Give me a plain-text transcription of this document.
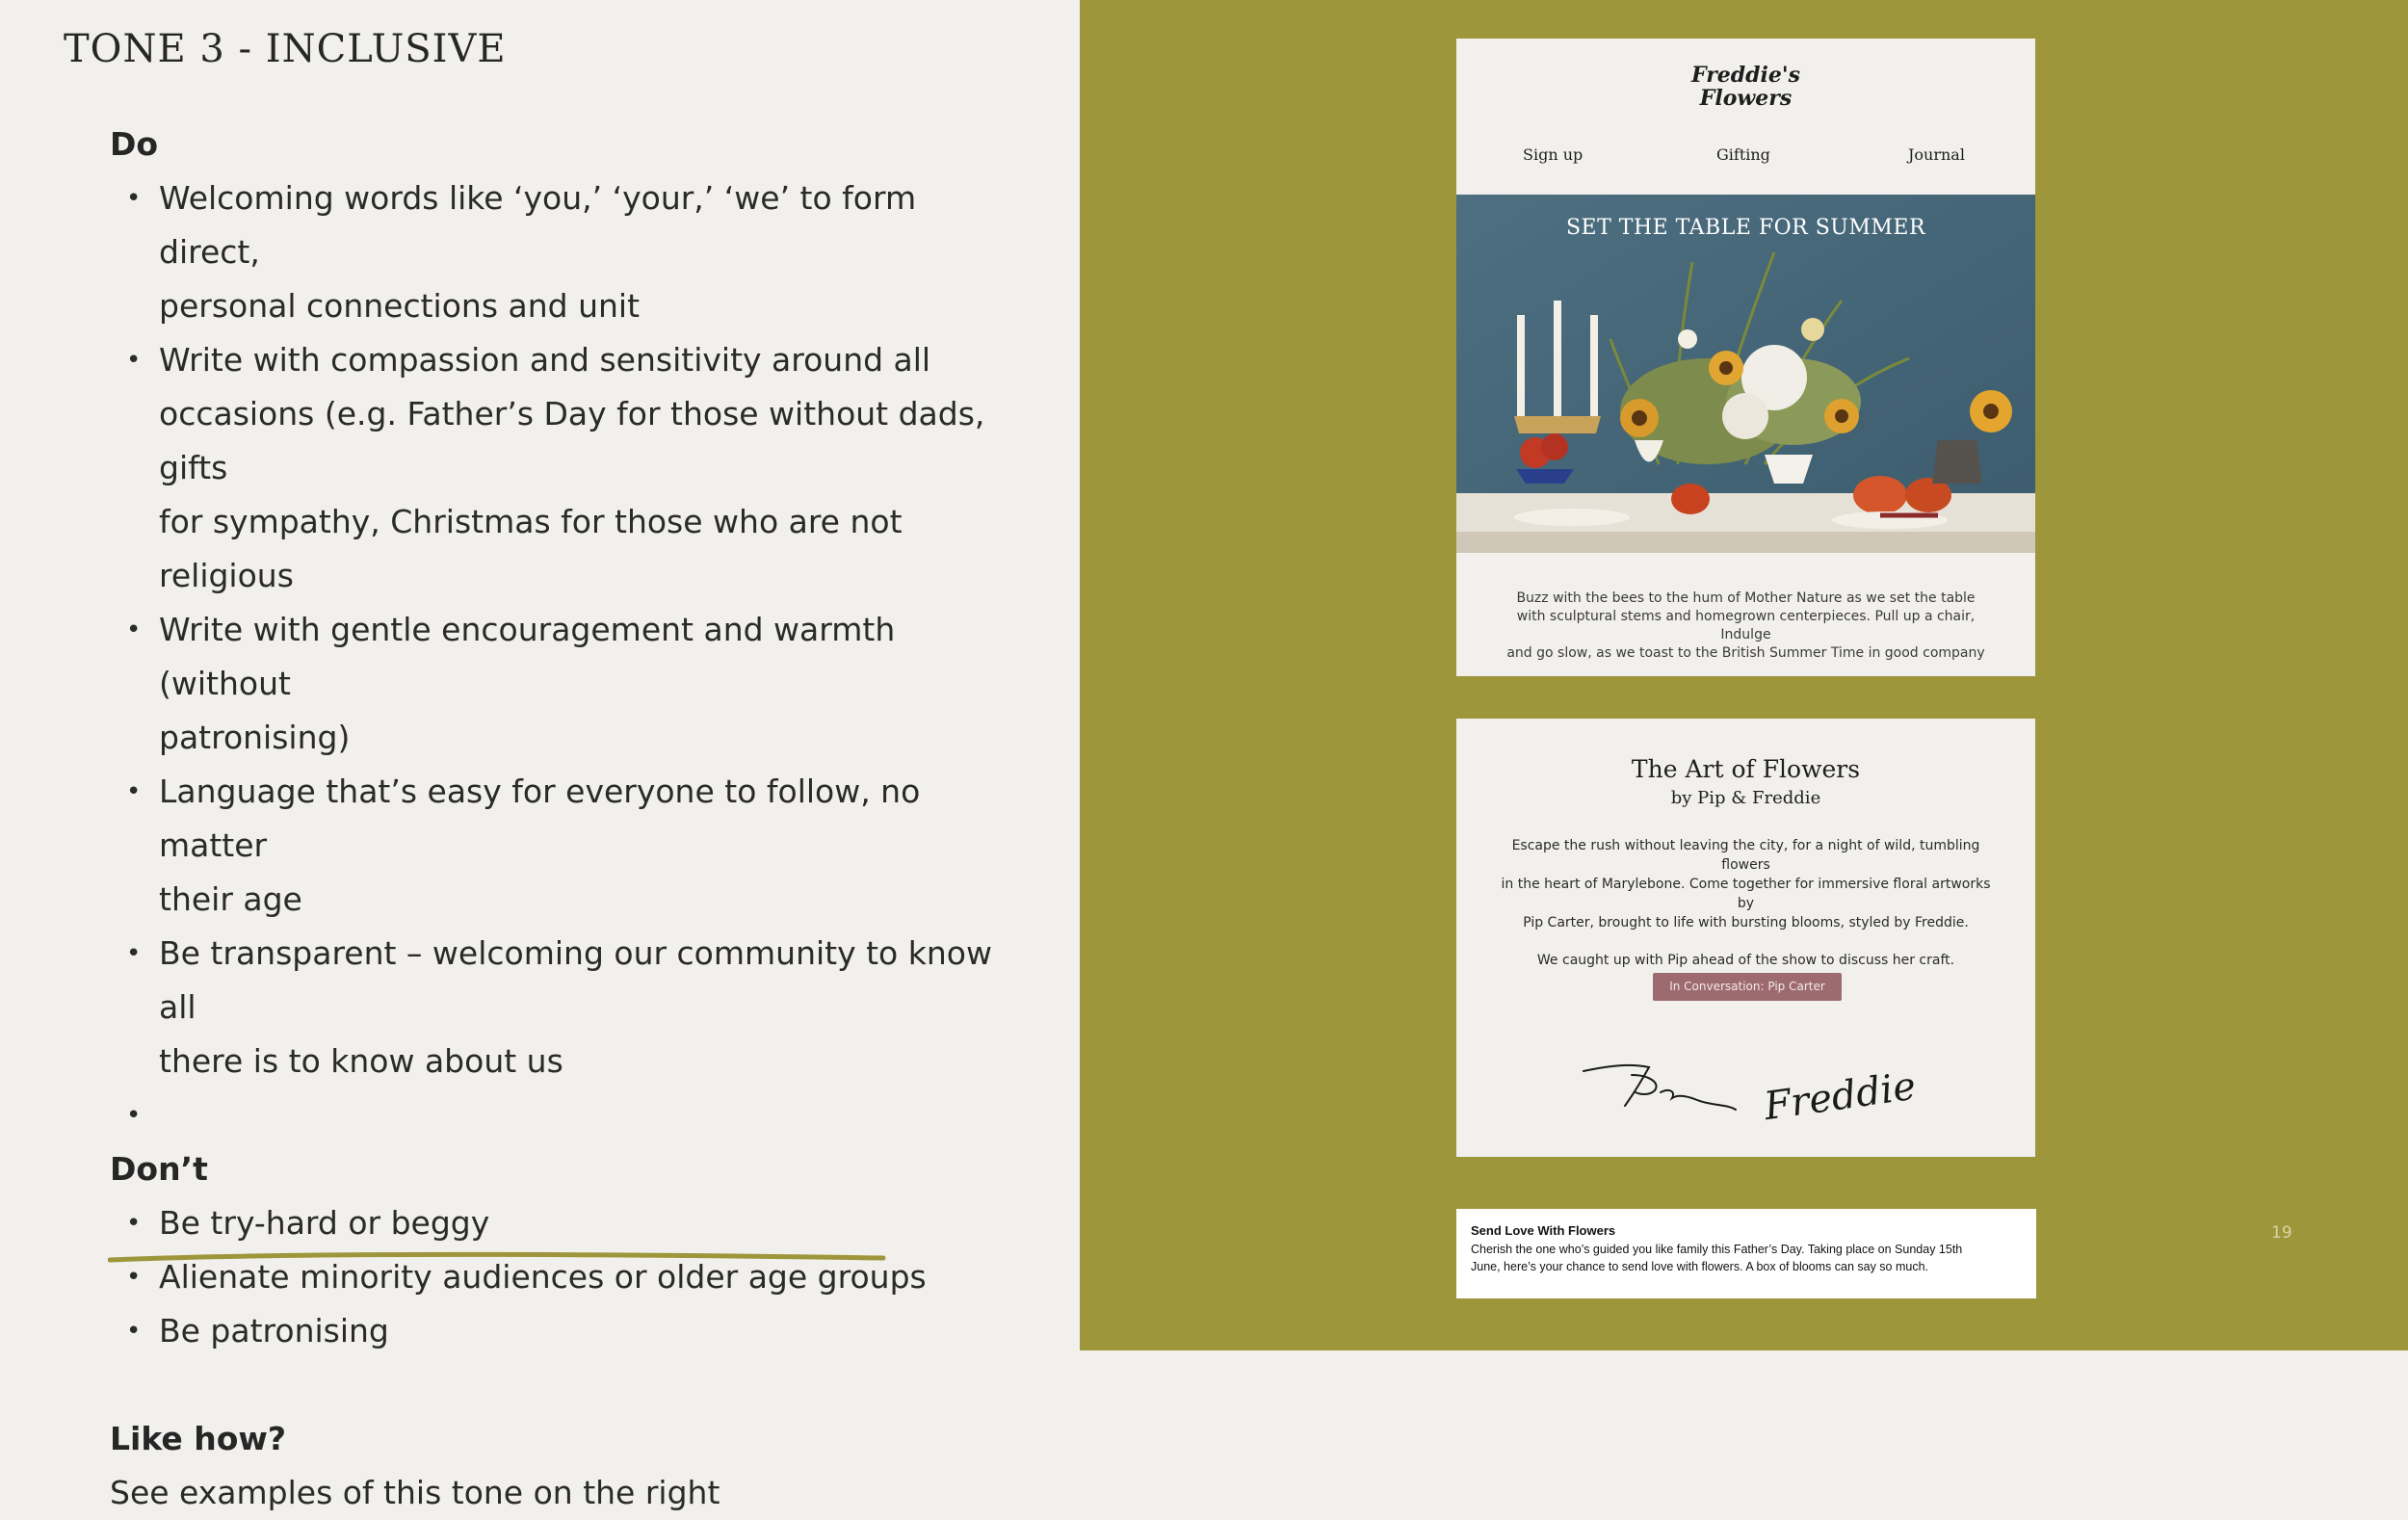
TONE 3 - INCLUSIVE

Do

• Welcoming words like ‘you,’ ‘your,’ ‘we’ to form direct,
personal connections and unit
• Write with compassion and sensitivity around all
occasions (e.g. Father’s Day for those without dads, gifts
for sympathy, Christmas for those who are not religious
• Write with gentle encouragement and warmth (without
patronising)
• Language that’s easy for everyone to follow, no matter
their age
• Be transparent – welcoming our community to know all
there is to know about us
•

Don’t

• Be try-hard or beggy
• Alienate minority audiences or older age groups
• Be patronising

Like how?

See examples of this tone on the right

Freddie's
Flowers
Sign up	Gifting	Journal
SET THE TABLE FOR SUMMER
Buzz with the bees to the hum of Mother Nature as we set the table
with sculptural stems and homegrown centerpieces. Pull up a chair, Indulge
and go slow, as we toast to the British Summer Time in good company
The Art of Flowers
by Pip & Freddie

Escape the rush without leaving the city, for a night of wild, tumbling flowers
in the heart of Marylebone. Come together for immersive floral artworks by
Pip Carter, brought to life with bursting blooms, styled by Freddie.

We caught up with Pip ahead of the show to discuss her craft.

In Conversation: Pip Carter
Freddie
Send Love With Flowers
Cherish the one who’s guided you like family this Father’s Day. Taking place on Sunday 15th
June, here’s your chance to send love with flowers. A box of blooms can say so much.
19
